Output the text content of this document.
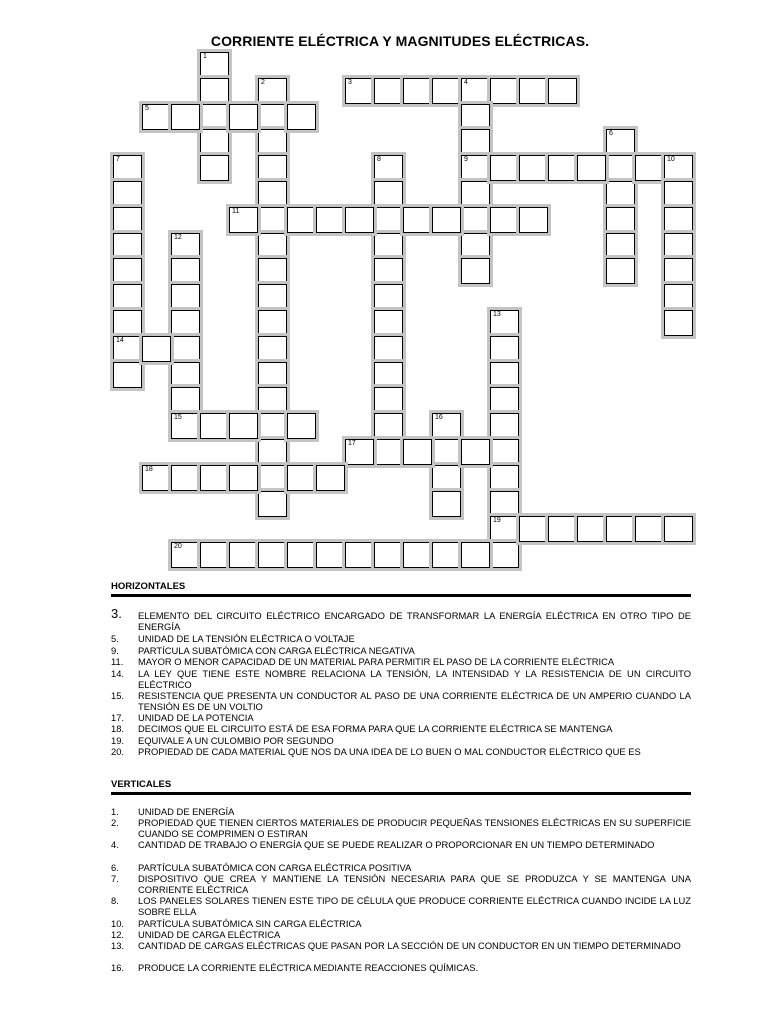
CORRIENTE ELÉCTRICA Y MAGNITUDES ELÉCTRICAS.
1
2	3	4
9
5
6
7
14
8	10
11
12
15
13
19
16
17
18
20
HORIZONTALES
3. ELEMENTO DEL CIRCUITO ELÉCTRICO ENCARGADO DE TRANSFORMAR LA ENERGÍA ELÉCTRICA EN OTRO TIPO DE ENERGÍA
5. UNIDAD DE LA TENSIÓN ELÉCTRICA O VOLTAJE
9. PARTÍCULA SUBATÓMICA CON CARGA ELÉCTRICA NEGATIVA
11. MAYOR O MENOR CAPACIDAD DE UN MATERIAL PARA PERMITIR EL PASO DE LA CORRIENTE ELÉCTRICA
14. LA LEY QUE TIENE ESTE NOMBRE RELACIONA LA TENSIÓN, LA INTENSIDAD Y LA RESISTENCIA DE UN CIRCUITO ELÉCTRICO
15. RESISTENCIA QUE PRESENTA UN CONDUCTOR AL PASO DE UNA CORRIENTE ELÉCTRICA DE UN AMPERIO CUANDO LA TENSIÓN ES DE UN VOLTIO
17. UNIDAD DE LA POTENCIA
18. DECIMOS QUE EL CIRCUITO ESTÁ DE ESA FORMA PARA QUE LA CORRIENTE ELÉCTRICA SE MANTENGA
19. EQUIVALE A UN CULOMBIO POR SEGUNDO
20. PROPIEDAD DE CADA MATERIAL QUE NOS DA UNA IDEA DE LO BUEN O MAL CONDUCTOR ELÉCTRICO QUE ES
VERTICALES
1. UNIDAD DE ENERGÍA
2. PROPIEDAD QUE TIENEN CIERTOS MATERIALES DE PRODUCIR PEQUEÑAS TENSIONES ELÉCTRICAS EN SU SUPERFICIE CUANDO SE COMPRIMEN O ESTIRAN
4. CANTIDAD DE TRABAJO O ENERGÍA QUE SE PUEDE REALIZAR O PROPORCIONAR EN UN TIEMPO DETERMINADO
6. PARTÍCULA SUBATÓMICA CON CARGA ELÉCTRICA POSITIVA
7. DISPOSITIVO QUE CREA Y MANTIENE LA TENSIÓN NECESARIA PARA QUE SE PRODUZCA Y SE MANTENGA UNA CORRIENTE ELÉCTRICA
8. LOS PANELES SOLARES TIENEN ESTE TIPO DE CÉLULA QUE PRODUCE CORRIENTE ELÉCTRICA CUANDO INCIDE LA LUZ SOBRE ELLA
10. PARTÍCULA SUBATÓMICA SIN CARGA ELÉCTRICA
12. UNIDAD DE CARGA ELÉCTRICA
13. CANTIDAD DE CARGAS ELÉCTRICAS QUE PASAN POR LA SECCIÓN DE UN CONDUCTOR EN UN TIEMPO DETERMINADO
16. PRODUCE LA CORRIENTE ELÉCTRICA MEDIANTE REACCIONES QUÍMICAS.
